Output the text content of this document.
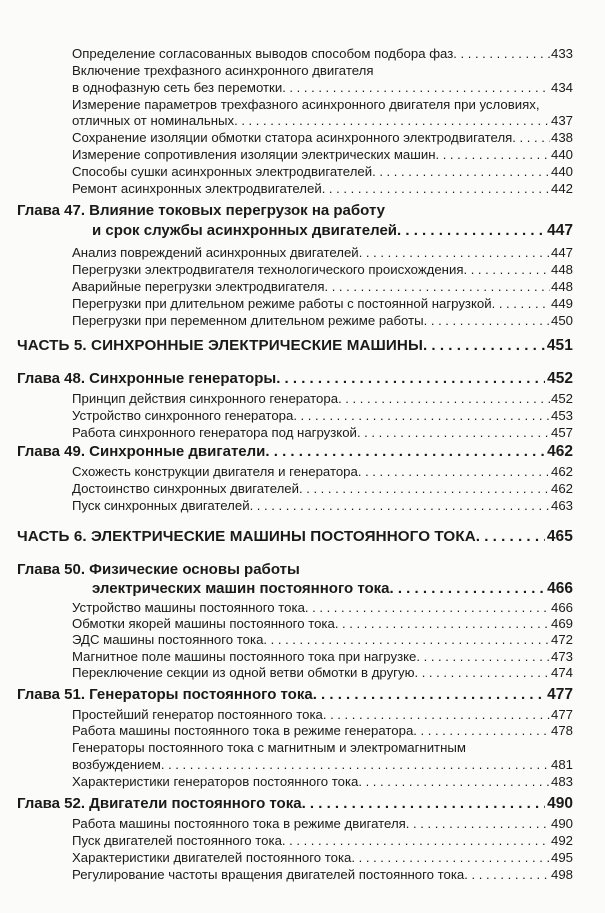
Определение согласованных выводов способом подбора фаз . . .	433
Включение трехфазного асинхронного двигателя
в однофазную сеть без перемотки . . .	434
Измерение параметров трехфазного асинхронного двигателя при условиях,
отличных от номинальных . . .	437
Сохранение изоляции обмотки статора асинхронного электродвигателя . . .	438
Измерение сопротивления изоляции электрических машин . . .	440
Способы сушки асинхронных электродвигателей . . .	440
Ремонт асинхронных электродвигателей . . .	442
Глава 47. Влияние токовых перегрузок на работу
и срок службы асинхронных двигателей . . .	447
Анализ повреждений асинхронных двигателей . . .	447
Перегрузки электродвигателя технологического происхождения . . .	448
Аварийные перегрузки электродвигателя . . .	448
Перегрузки при длительном режиме работы с постоянной нагрузкой . . .	449
Перегрузки при переменном длительном режиме работы . . .	450
ЧАСТЬ 5. СИНХРОННЫЕ ЭЛЕКТРИЧЕСКИЕ МАШИНЫ . . .	451
Глава 48. Синхронные генераторы . . .	452
Принцип действия синхронного генератора . . .	452
Устройство синхронного генератора . . .	453
Работа синхронного генератора под нагрузкой . . .	457
Глава 49. Синхронные двигатели . . .	462
Схожесть конструкции двигателя и генератора . . .	462
Достоинство синхронных двигателей . . .	462
Пуск синхронных двигателей . . .	463
ЧАСТЬ 6. ЭЛЕКТРИЧЕСКИЕ МАШИНЫ ПОСТОЯННОГО ТОКА . . .	465
Глава 50. Физические основы работы
электрических машин постоянного тока . . .	466
Устройство машины постоянного тока . . .	466
Обмотки якорей машины постоянного тока . . .	469
ЭДС машины постоянного тока . . .	472
Магнитное поле машины постоянного тока при нагрузке . . .	473
Переключение секции из одной ветви обмотки в другую . . .	474
Глава 51. Генераторы постоянного тока . . .	477
Простейший генератор постоянного тока . . .	477
Работа машины постоянного тока в режиме генератора . . .	478
Генераторы постоянного тока с магнитным и электромагнитным
возбуждением . . .	481
Характеристики генераторов постоянного тока . . .	483
Глава 52. Двигатели постоянного тока . . .	490
Работа машины постоянного тока в режиме двигателя . . .	490
Пуск двигателей постоянного тока . . .	492
Характеристики двигателей постоянного тока . . .	495
Регулирование частоты вращения двигателей постоянного тока . . .	498
